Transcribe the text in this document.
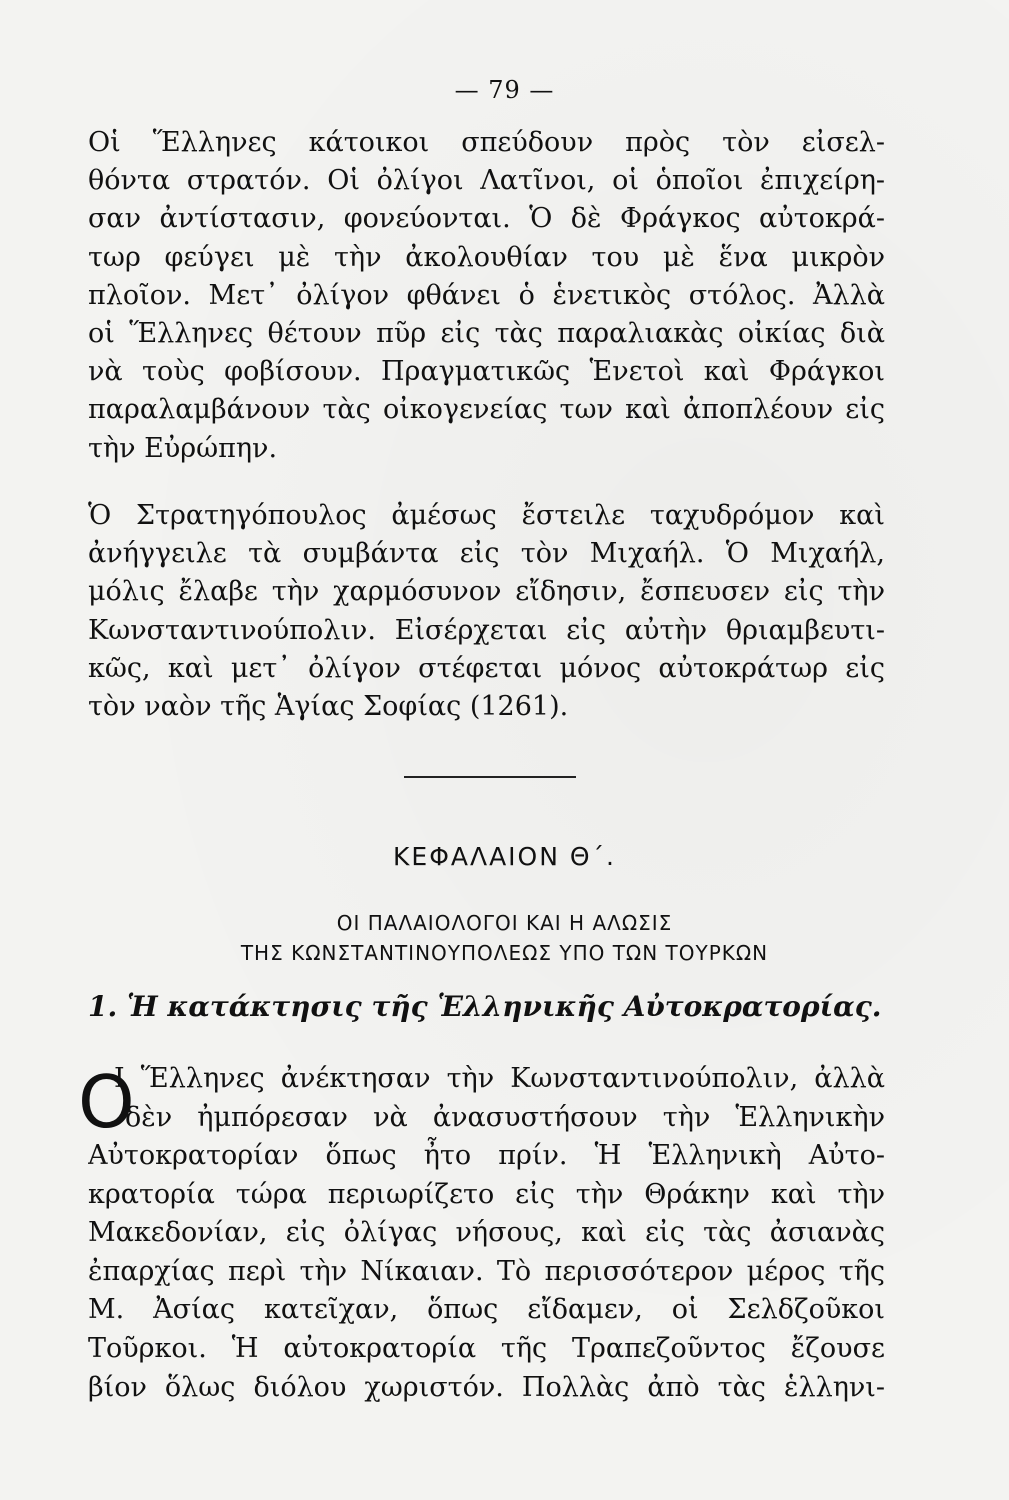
— 79 —
Οἱ Ἕλληνες κάτοικοι σπεύδουν πρὸς τὸν εἰσελ-
θόντα στρατόν. Οἱ ὀλίγοι Λατῖνοι, οἱ ὁποῖοι ἐπιχείρη-
σαν ἀντίστασιν, φονεύονται. Ὁ δὲ Φράγκος αὐτοκρά-
τωρ φεύγει μὲ τὴν ἀκολουθίαν του μὲ ἕνα μικρὸν
πλοῖον. Μετ᾽ ὀλίγον φθάνει ὁ ἑνετικὸς στόλος. Ἀλλὰ
οἱ Ἕλληνες θέτουν πῦρ εἰς τὰς παραλιακὰς οἰκίας διὰ
νὰ τοὺς φοβίσουν. Πραγματικῶς Ἑνετοὶ καὶ Φράγκοι
παραλαμβάνουν τὰς οἰκογενείας των καὶ ἀποπλέουν εἰς
τὴν Εὐρώπην.
Ὁ Στρατηγόπουλος ἀμέσως ἔστειλε ταχυδρόμον καὶ
ἀνήγγειλε τὰ συμβάντα εἰς τὸν Μιχαήλ. Ὁ Μιχαήλ,
μόλις ἔλαβε τὴν χαρμόσυνον εἴδησιν, ἔσπευσεν εἰς τὴν
Κωνσταντινούπολιν. Εἰσέρχεται εἰς αὐτὴν θριαμβευτι-
κῶς, καὶ μετ᾽ ὀλίγον στέφεται μόνος αὐτοκράτωρ εἰς
τὸν ναὸν τῆς Ἁγίας Σοφίας (1261).
ΚΕΦΑΛΑΙΟΝ Θ΄.
ΟΙ ΠΑΛΑΙΟΛΟΓΟΙ ΚΑΙ Η ΑΛΩΣΙΣ
ΤΗΣ ΚΩΝΣΤΑΝΤΙΝΟΥΠΟΛΕΩΣ ΥΠΟ ΤΩΝ ΤΟΥΡΚΩΝ
1. Ἡ κατάκτησις τῆς Ἑλληνικῆς Αὐτοκρατορίας.
Ο
Ι Ἕλληνες ἀνέκτησαν τὴν Κωνσταντινούπολιν, ἀλλὰ
δὲν ἠμπόρεσαν νὰ ἀνασυστήσουν τὴν Ἑλληνικὴν
Αὐτοκρατορίαν ὅπως ἦτο πρίν. Ἡ Ἑλληνικὴ Αὐτο-
κρατορία τώρα περιωρίζετο εἰς τὴν Θράκην καὶ τὴν
Μακεδονίαν, εἰς ὀλίγας νήσους, καὶ εἰς τὰς ἀσιανὰς
ἐπαρχίας περὶ τὴν Νίκαιαν. Τὸ περισσότερον μέρος τῆς
Μ. Ἀσίας κατεῖχαν, ὅπως εἴδαμεν, οἱ Σελδζοῦκοι
Τοῦρκοι. Ἡ αὐτοκρατορία τῆς Τραπεζοῦντος ἔζουσε
βίον ὅλως διόλου χωριστόν. Πολλὰς ἀπὸ τὰς ἑλληνι-
